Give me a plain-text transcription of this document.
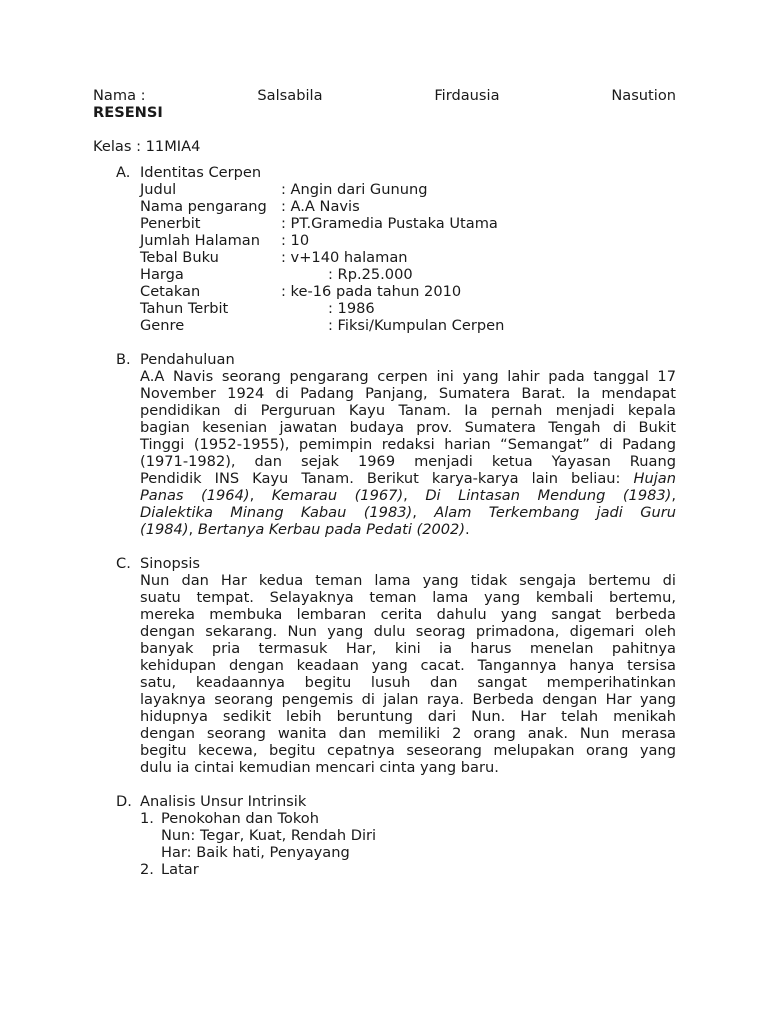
Nama :	Salsabila	Firdausia	Nasution
RESENSI
Kelas : 11MIA4
A. Identitas Cerpen
Judul	: Angin dari Gunung
Nama pengarang : A.A Navis
Penerbit	: PT.Gramedia Pustaka Utama
Jumlah Halaman	: 10
Tebal Buku	: v+140 halaman
Harga	: Rp.25.000
Cetakan	: ke-16 pada tahun 2010
Tahun Terbit	: 1986
Genre	: Fiksi/Kumpulan Cerpen
B. Pendahuluan
A.A Navis seorang pengarang cerpen ini yang lahir pada tanggal 17
November 1924 di Padang Panjang, Sumatera Barat. Ia mendapat
pendidikan di Perguruan Kayu Tanam. Ia pernah menjadi kepala
bagian kesenian jawatan budaya prov. Sumatera Tengah di Bukit
Tinggi (1952-1955), pemimpin redaksi harian “Semangat” di Padang
(1971-1982), dan sejak 1969 menjadi ketua Yayasan Ruang
Pendidik INS Kayu Tanam. Berikut karya-karya lain beliau: Hujan
Panas (1964), Kemarau (1967), Di Lintasan Mendung (1983),
Dialektika Minang Kabau (1983), Alam Terkembang jadi Guru
(1984), Bertanya Kerbau pada Pedati (2002).
C. Sinopsis
Nun dan Har kedua teman lama yang tidak sengaja bertemu di
suatu tempat. Selayaknya teman lama yang kembali bertemu,
mereka membuka lembaran cerita dahulu yang sangat berbeda
dengan sekarang. Nun yang dulu seorag primadona, digemari oleh
banyak pria termasuk Har, kini ia harus menelan pahitnya
kehidupan dengan keadaan yang cacat. Tangannya hanya tersisa
satu, keadaannya begitu lusuh dan sangat memperihatinkan
layaknya seorang pengemis di jalan raya. Berbeda dengan Har yang
hidupnya sedikit lebih beruntung dari Nun. Har telah menikah
dengan seorang wanita dan memiliki 2 orang anak. Nun merasa
begitu kecewa, begitu cepatnya seseorang melupakan orang yang
dulu ia cintai kemudian mencari cinta yang baru.
D. Analisis Unsur Intrinsik
1. Penokohan dan Tokoh
Nun: Tegar, Kuat, Rendah Diri
Har: Baik hati, Penyayang
2. Latar
